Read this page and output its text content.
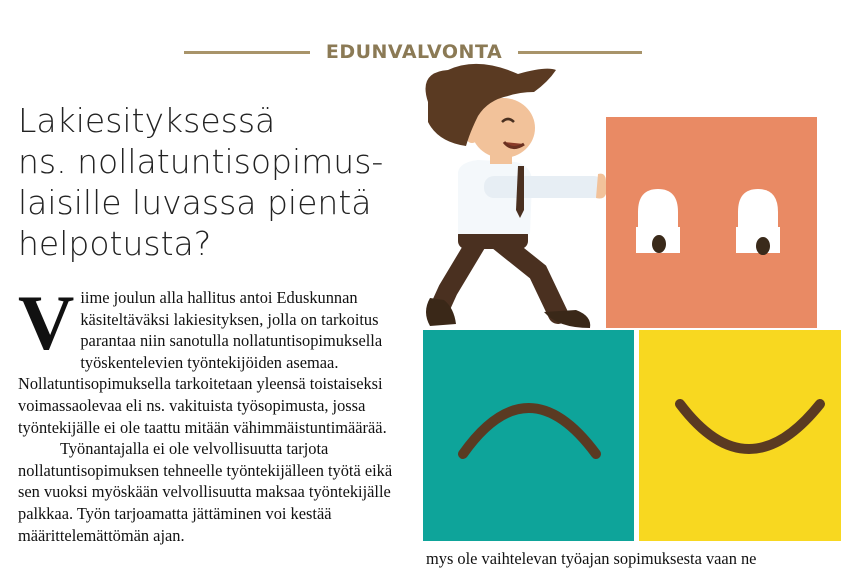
EDUNVALVONTA
Lakiesityksessä
ns. nollatuntisopimus-
laisille luvassa pientä
helpotusta?

Viime joulun alla hallitus antoi Eduskunnan käsiteltäväksi lakiesityksen, jolla on tarkoitus parantaa niin sanotulla nollatuntisopimuksella työskentelevien työntekijöiden asemaa. Nollatuntisopimuksella tarkoitetaan yleensä toistaiseksi voimassaolevaa eli ns. vakituista työsopimusta, jossa työntekijälle ei ole taattu mitään vähimmäistuntimäärää.

Työnantajalla ei ole velvollisuutta tarjota nollatuntisopimuksen tehneelle työntekijälleen työtä eikä sen vuoksi myöskään velvollisuutta maksaa työntekijälle palkkaa. Työn tarjoamatta jättäminen voi kestää määrittelemättömän ajan.

mys ole vaihtelevan työajan sopimuksesta vaan ne
